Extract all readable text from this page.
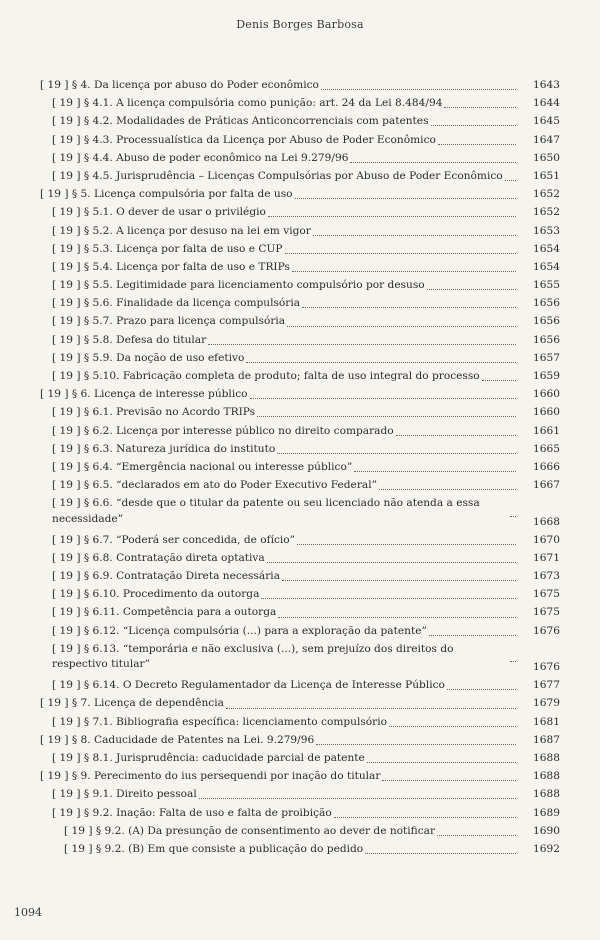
Denis Borges Barbosa
[ 19 ] § 4. Da licença por abuso do Poder econômico	1643
[ 19 ] § 4.1. A licença compulsória como punição: art. 24 da Lei 8.484/94	1644
[ 19 ] § 4.2. Modalidades de Práticas Anticoncorrenciais com patentes	1645
[ 19 ] § 4.3. Processualística da Licença por Abuso de Poder Econômico	1647
[ 19 ] § 4.4. Abuso de poder econômico na Lei 9.279/96	1650
[ 19 ] § 4.5. Jurisprudência – Licenças Compulsórias por Abuso de Poder Econômico	1651
[ 19 ] § 5. Licença compulsória por falta de uso	1652
[ 19 ] § 5.1. O dever de usar o privilégio	1652
[ 19 ] § 5.2. A licença por desuso na lei em vigor	1653
[ 19 ] § 5.3. Licença por falta de uso e CUP	1654
[ 19 ] § 5.4. Licença por falta de uso e TRIPs	1654
[ 19 ] § 5.5. Legitimidade para licenciamento compulsório por desuso	1655
[ 19 ] § 5.6. Finalidade da licença compulsória	1656
[ 19 ] § 5.7. Prazo para licença compulsória	1656
[ 19 ] § 5.8. Defesa do titular	1656
[ 19 ] § 5.9. Da noção de uso efetivo	1657
[ 19 ] § 5.10. Fabricação completa de produto; falta de uso integral do processo	1659
[ 19 ] § 6. Licença de interesse público	1660
[ 19 ] § 6.1. Previsão no Acordo TRIPs	1660
[ 19 ] § 6.2. Licença por interesse público no direito comparado	1661
[ 19 ] § 6.3. Natureza jurídica do instituto	1665
[ 19 ] § 6.4. “Emergência nacional ou interesse público”	1666
[ 19 ] § 6.5. “declarados em ato do Poder Executivo Federal”	1667
[ 19 ] § 6.6. “desde que o titular da patente ou seu licenciado não atenda a essa necessidade”	1668
[ 19 ] § 6.7. “Poderá ser concedida, de ofício”	1670
[ 19 ] § 6.8. Contratação direta optativa	1671
[ 19 ] § 6.9. Contratação Direta necessária	1673
[ 19 ] § 6.10. Procedimento da outorga	1675
[ 19 ] § 6.11. Competência para a outorga	1675
[ 19 ] § 6.12. “Licença compulsória (...) para a exploração da patente”	1676
[ 19 ] § 6.13. “temporária e não exclusiva (...), sem prejuízo dos direitos do respectivo titular”	1676
[ 19 ] § 6.14. O Decreto Regulamentador da Licença de Interesse Público	1677
[ 19 ] § 7. Licença de dependência	1679
[ 19 ] § 7.1. Bibliografia específica: licenciamento compulsório	1681
[ 19 ] § 8. Caducidade de Patentes na Lei. 9.279/96	1687
[ 19 ] § 8.1. Jurisprudência: caducidade parcial de patente	1688
[ 19 ] § 9. Perecimento do ius persequendi por inação do titular	1688
[ 19 ] § 9.1. Direito pessoal	1688
[ 19 ] § 9.2. Inação: Falta de uso e falta de proibição	1689
[ 19 ] § 9.2. (A) Da presunção de consentimento ao dever de notificar	1690
[ 19 ] § 9.2. (B) Em que consiste a publicação do pedido	1692
1094
